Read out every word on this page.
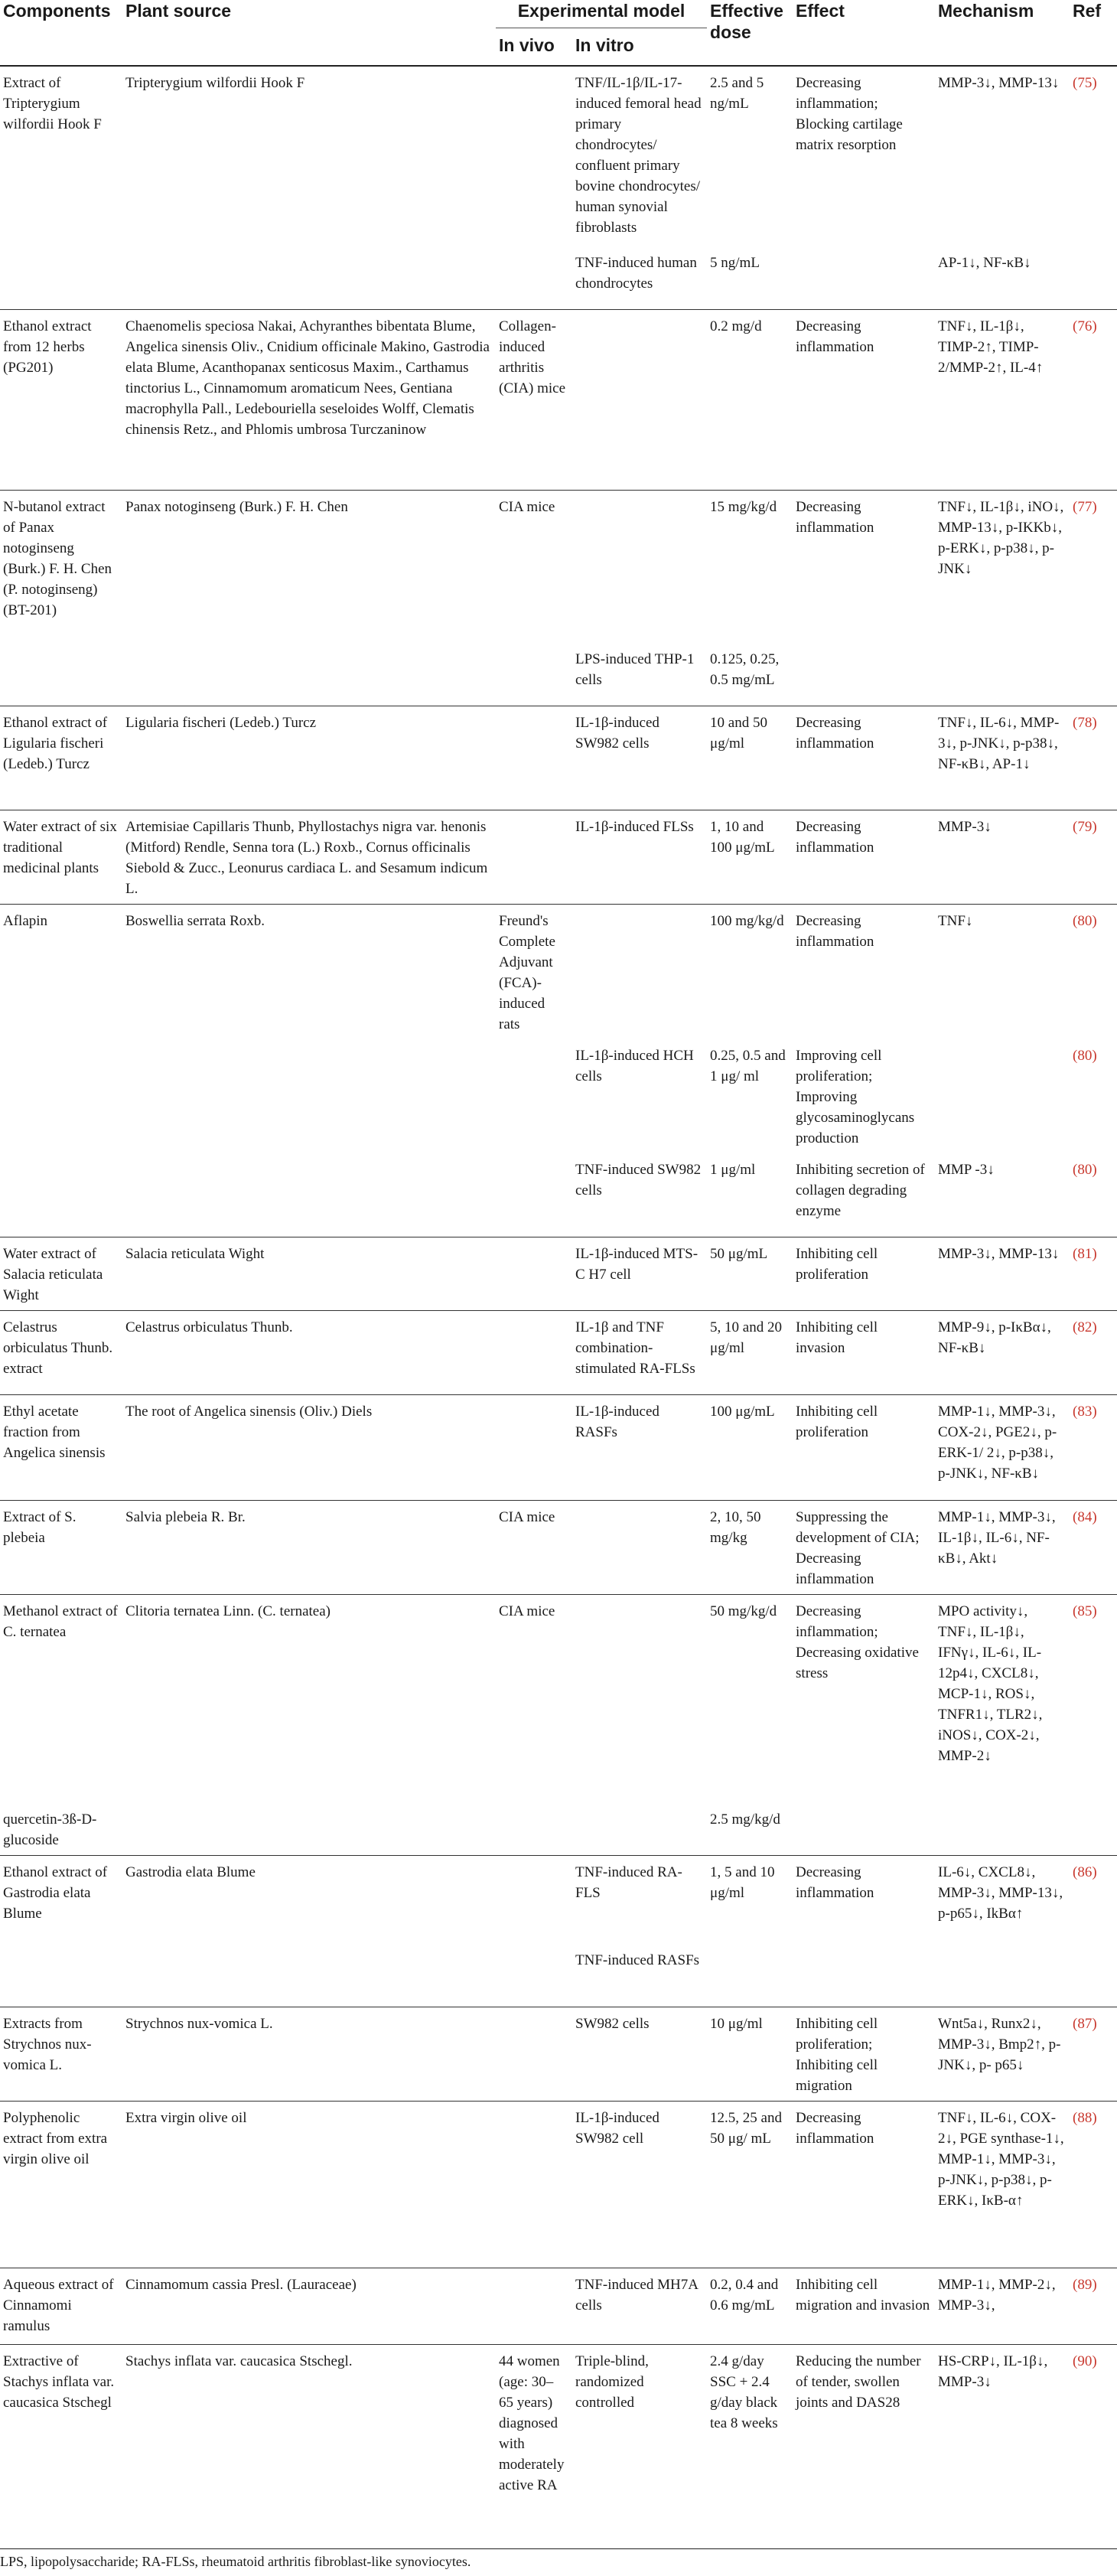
Components	Plant source	Experimental model		Effective dose	Effect	Mechanism	Ref
		In vivo	In vitro				
Extract of Tripterygium wilfordii Hook F	Tripterygium wilfordii Hook F		TNF/IL-1β/IL-17-induced femoral head primary chondrocytes/ confluent primary bovine chondrocytes/ human synovial fibroblasts	2.5 and 5 ng/mL	Decreasing inflammation; Blocking cartilage matrix resorption	MMP-3↓, MMP-13↓	(75)
			TNF-induced human chondrocytes	5 ng/mL		AP-1↓, NF-κB↓	
Ethanol extract from 12 herbs (PG201)	Chaenomelis speciosa Nakai, Achyranthes bibentata Blume, Angelica sinensis Oliv., Cnidium officinale Makino, Gastrodia elata Blume, Acanthopanax senticosus Maxim., Carthamus tinctorius L., Cinnamomum aromaticum Nees, Gentiana macrophylla Pall., Ledebouriella seseloides Wolff, Clematis chinensis Retz., and Phlomis umbrosa Turczaninow	Collagen-induced arthritis (CIA) mice		0.2 mg/d	Decreasing inflammation	TNF↓, IL-1β↓, TIMP-2↑, TIMP-2/MMP-2↑, IL-4↑	(76)
N-butanol extract of Panax notoginseng (Burk.) F. H. Chen (P. notoginseng) (BT-201)	Panax notoginseng (Burk.) F. H. Chen	CIA mice		15 mg/kg/d	Decreasing inflammation	TNF↓, IL-1β↓, iNO↓, MMP-13↓, p-IKKb↓, p-ERK↓, p-p38↓, p-JNK↓	(77)
			LPS-induced THP-1 cells	0.125, 0.25, 0.5 mg/mL			
Ethanol extract of Ligularia fischeri (Ledeb.) Turcz	Ligularia fischeri (Ledeb.) Turcz		IL-1β-induced SW982 cells	10 and 50 μg/ml	Decreasing inflammation	TNF↓, IL-6↓, MMP-3↓, p-JNK↓, p-p38↓, NF-κB↓, AP-1↓	(78)
Water extract of six traditional medicinal plants	Artemisiae Capillaris Thunb, Phyllostachys nigra var. henonis (Mitford) Rendle, Senna tora (L.) Roxb., Cornus officinalis Siebold & Zucc., Leonurus cardiaca L. and Sesamum indicum L.		IL-1β-induced FLSs	1, 10 and 100 μg/mL	Decreasing inflammation	MMP-3↓	(79)
Aflapin	Boswellia serrata Roxb.	Freund's Complete Adjuvant (FCA)-induced rats		100 mg/kg/d	Decreasing inflammation	TNF↓	(80)
			IL-1β-induced HCH cells	0.25, 0.5 and 1 μg/ ml	Improving cell proliferation; Improving glycosaminoglycans production		(80)
			TNF-induced SW982 cells	1 μg/ml	Inhibiting secretion of collagen degrading enzyme	MMP -3↓	(80)
Water extract of Salacia reticulata Wight	Salacia reticulata Wight		IL-1β-induced MTS-C H7 cell	50 μg/mL	Inhibiting cell proliferation	MMP-3↓, MMP-13↓	(81)
Celastrus orbiculatus Thunb. extract	Celastrus orbiculatus Thunb.		IL-1β and TNF combination-stimulated RA-FLSs	5, 10 and 20 μg/ml	Inhibiting cell invasion	MMP-9↓, p-IκBα↓, NF-κB↓	(82)
Ethyl acetate fraction from Angelica sinensis	The root of Angelica sinensis (Oliv.) Diels		IL-1β-induced RASFs	100 μg/mL	Inhibiting cell proliferation	MMP-1↓, MMP-3↓, COX-2↓, PGE2↓, p-ERK-1/ 2↓, p-p38↓, p-JNK↓, NF-κB↓	(83)
Extract of S. plebeia	Salvia plebeia R. Br.	CIA mice		2, 10, 50 mg/kg	Suppressing the development of CIA; Decreasing inflammation	MMP-1↓, MMP-3↓, IL-1β↓, IL-6↓, NF-κB↓, Akt↓	(84)
Methanol extract of C. ternatea	Clitoria ternatea Linn. (C. ternatea)	CIA mice		50 mg/kg/d	Decreasing inflammation; Decreasing oxidative stress	MPO activity↓, TNF↓, IL-1β↓, IFNγ↓, IL-6↓, IL-12p4↓, CXCL8↓, MCP-1↓, ROS↓, TNFR1↓, TLR2↓, iNOS↓, COX-2↓, MMP-2↓	(85)
quercetin-3ß-D-glucoside				2.5 mg/kg/d			
Ethanol extract of Gastrodia elata Blume	Gastrodia elata Blume		TNF-induced RA-FLS	1, 5 and 10 μg/ml	Decreasing inflammation	IL-6↓, CXCL8↓, MMP-3↓, MMP-13↓, p-p65↓, IkBα↑	(86)
			TNF-induced RASFs				
Extracts from Strychnos nux-vomica L.	Strychnos nux-vomica L.		SW982 cells	10 μg/ml	Inhibiting cell proliferation; Inhibiting cell migration	Wnt5a↓, Runx2↓, MMP-3↓, Bmp2↑, p-JNK↓, p- p65↓	(87)
Polyphenolic extract from extra virgin olive oil	Extra virgin olive oil		IL-1β-induced SW982 cell	12.5, 25 and 50 μg/ mL	Decreasing inflammation	TNF↓, IL-6↓, COX-2↓, PGE synthase-1↓, MMP-1↓, MMP-3↓, p-JNK↓, p-p38↓, p-ERK↓, IκB-α↑	(88)
Aqueous extract of Cinnamomi ramulus	Cinnamomum cassia Presl. (Lauraceae)		TNF-induced MH7A cells	0.2, 0.4 and 0.6 mg/mL	Inhibiting cell migration and invasion	MMP-1↓, MMP-2↓, MMP-3↓,	(89)
Extractive of Stachys inflata var. caucasica Stschegl	Stachys inflata var. caucasica Stschegl.	44 women (age: 30–65 years) diagnosed with moderately active RA	Triple-blind, randomized controlled	2.4 g/day SSC + 2.4 g/day black tea 8 weeks	Reducing the number of tender, swollen joints and DAS28	HS-CRP↓, IL-1β↓, MMP-3↓	(90)
LPS, lipopolysaccharide; RA-FLSs, rheumatoid arthritis fibroblast-like synoviocytes.
